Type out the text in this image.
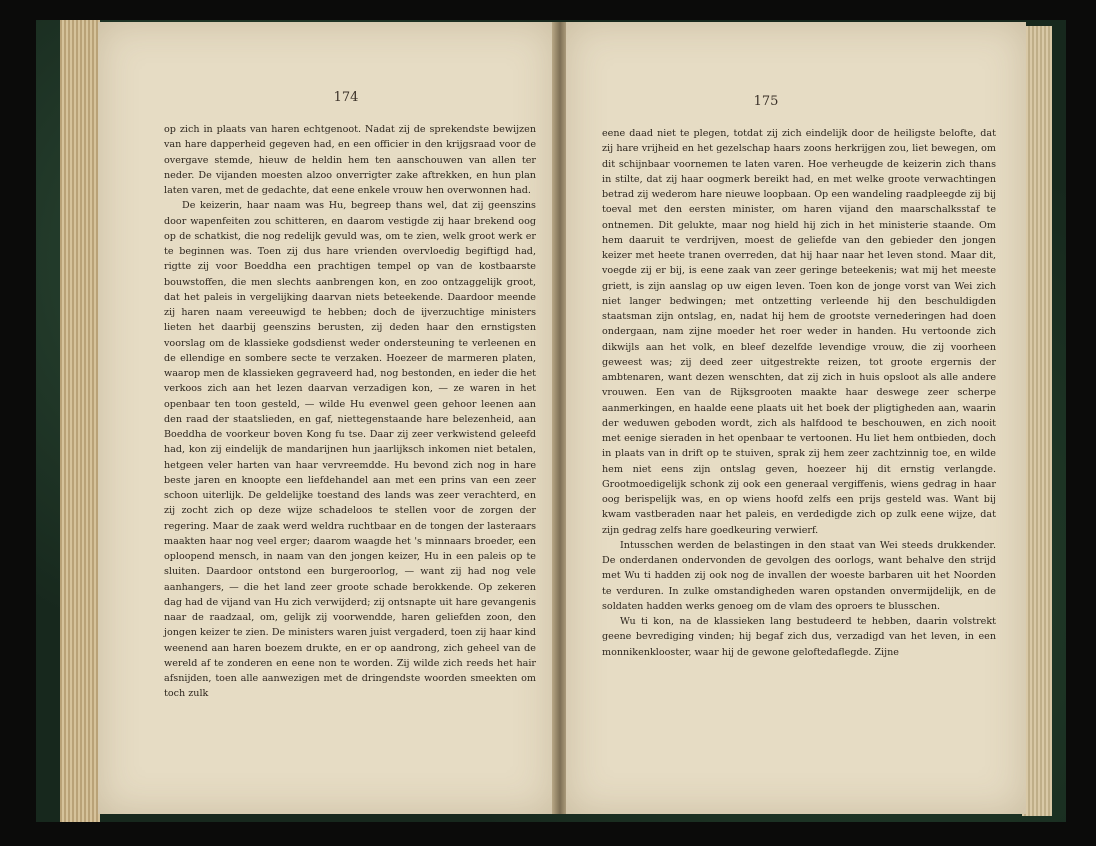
174

op zich in plaats van haren echtgenoot. Nadat zij de sprekendste bewijzen van hare dapperheid gegeven had, en een officier in den krijgsraad voor de overgave stemde, hieuw de heldin hem ten aanschouwen van allen ter neder. De vijanden moesten alzoo onverrigter zake aftrekken, en hun plan laten varen, met de gedachte, dat eene enkele vrouw hen overwonnen had.

De keizerin, haar naam was Hu, begreep thans wel, dat zij geenszins door wapenfeiten zou schitteren, en daarom vestigde zij haar brekend oog op de schatkist, die nog redelijk gevuld was, om te zien, welk groot werk er te beginnen was. Toen zij dus hare vrienden overvloedig begiftigd had, rigtte zij voor Boeddha een prachtigen tempel op van de kostbaarste bouwstoffen, die men slechts aanbrengen kon, en zoo ontzaggelijk groot, dat het paleis in vergelijking daarvan niets beteekende. Daardoor meende zij haren naam vereeuwigd te hebben; doch de ijverzuchtige ministers lieten het daarbij geenszins berusten, zij deden haar den ernstigsten voorslag om de klassieke godsdienst weder ondersteuning te verleenen en de ellendige en sombere secte te verzaken. Hoezeer de marmeren platen, waarop men de klassieken gegraveerd had, nog bestonden, en ieder die het verkoos zich aan het lezen daarvan verzadigen kon, — ze waren in het openbaar ten toon gesteld, — wilde Hu evenwel geen gehoor leenen aan den raad der staatslieden, en gaf, niettegenstaande hare belezenheid, aan Boeddha de voorkeur boven Kong fu tse. Daar zij zeer verkwistend geleefd had, kon zij eindelijk de mandarijnen hun jaarlijksch inkomen niet betalen, hetgeen veler harten van haar vervreemdde. Hu bevond zich nog in hare beste jaren en knoopte een liefdehandel aan met een prins van een zeer schoon uiterlijk. De geldelijke toestand des lands was zeer verachterd, en zij zocht zich op deze wijze schadeloos te stellen voor de zorgen der regering. Maar de zaak werd weldra ruchtbaar en de tongen der lasteraars maakten haar nog veel erger; daarom waagde het 's minnaars broeder, een oploopend mensch, in naam van den jongen keizer, Hu in een paleis op te sluiten. Daardoor ontstond een burgeroorlog, — want zij had nog vele aanhangers, — die het land zeer groote schade berokkende. Op zekeren dag had de vijand van Hu zich verwijderd; zij ontsnapte uit hare gevangenis naar de raadzaal, om, gelijk zij voorwendde, haren geliefden zoon, den jongen keizer te zien. De ministers waren juist vergaderd, toen zij haar kind weenend aan haren boezem drukte, en er op aandrong, zich geheel van de wereld af te zonderen en eene non te worden. Zij wilde zich reeds het hair afsnijden, toen alle aanwezigen met de dringendste woorden smeekten om toch zulk

175

eene daad niet te plegen, totdat zij zich eindelijk door de heiligste belofte, dat zij hare vrijheid en het gezelschap haars zoons herkrijgen zou, liet bewegen, om dit schijnbaar voornemen te laten varen. Hoe verheugde de keizerin zich thans in stilte, dat zij haar oogmerk bereikt had, en met welke groote verwachtingen betrad zij wederom hare nieuwe loopbaan. Op een wandeling raadpleegde zij bij toeval met den eersten minister, om haren vijand den maarschalksstaf te ontnemen. Dit gelukte, maar nog hield hij zich in het ministerie staande. Om hem daaruit te verdrijven, moest de geliefde van den gebieder den jongen keizer met heete tranen overreden, dat hij haar naar het leven stond. Maar dit, voegde zij er bij, is eene zaak van zeer geringe beteekenis; wat mij het meeste griett, is zijn aanslag op uw eigen leven. Toen kon de jonge vorst van Wei zich niet langer bedwingen; met ontzetting verleende hij den beschuldigden staatsman zijn ontslag, en, nadat hij hem de grootste vernederingen had doen ondergaan, nam zijne moeder het roer weder in handen. Hu vertoonde zich dikwijls aan het volk, en bleef dezelfde levendige vrouw, die zij voorheen geweest was; zij deed zeer uitgestrekte reizen, tot groote ergernis der ambtenaren, want dezen wenschten, dat zij zich in huis opsloot als alle andere vrouwen. Een van de Rijksgrooten maakte haar deswege zeer scherpe aanmerkingen, en haalde eene plaats uit het boek der pligtigheden aan, waarin der weduwen geboden wordt, zich als halfdood te beschouwen, en zich nooit met eenige sieraden in het openbaar te vertoonen. Hu liet hem ontbieden, doch in plaats van in drift op te stuiven, sprak zij hem zeer zachtzinnig toe, en wilde hem niet eens zijn ontslag geven, hoezeer hij dit ernstig verlangde. Grootmoedigelijk schonk zij ook een generaal vergiffenis, wiens gedrag in haar oog berispelijk was, en op wiens hoofd zelfs een prijs gesteld was. Want bij kwam vastberaden naar het paleis, en verdedigde zich op zulk eene wijze, dat zijn gedrag zelfs hare goedkeuring verwierf.

Intusschen werden de belastingen in den staat van Wei steeds drukkender. De onderdanen ondervonden de gevolgen des oorlogs, want behalve den strijd met Wu ti hadden zij ook nog de invallen der woeste barbaren uit het Noorden te verduren. In zulke omstandigheden waren opstanden onvermijdelijk, en de soldaten hadden werks genoeg om de vlam des oproers te blusschen.

Wu ti kon, na de klassieken lang bestudeerd te hebben, daarin volstrekt geene bevrediging vinden; hij begaf zich dus, verzadigd van het leven, in een monnikenklooster, waar hij de gewone geloftedaflegde. Zijne
